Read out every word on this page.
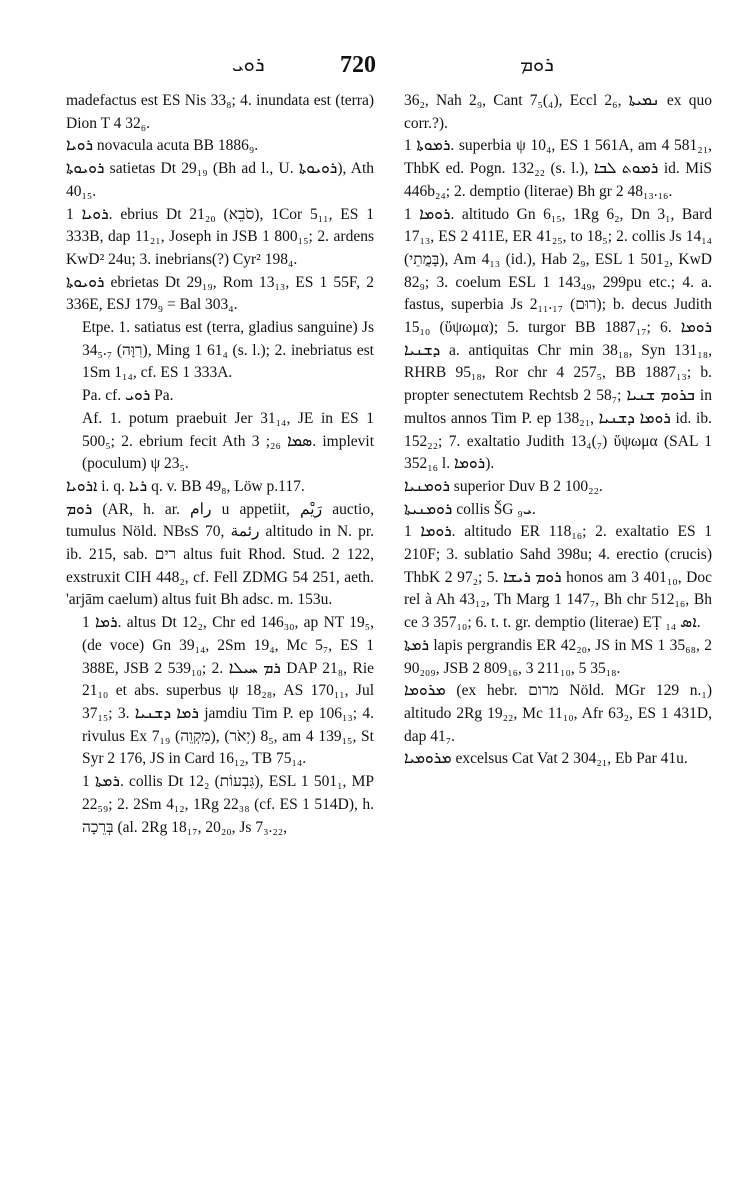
ܪܘܝ	720	ܪܘܡ

madefactus est ES Nis 33₈; 4. inundata est (terra) Dion T 4 32₆.

ܪܘܝܐ novacula acuta BB 1886₉.

ܪܘܝܘܬܐ satietas Dt 29₁₉ (Bh ad l., U. ܪܘܝܘܬܐ), Ath 40₁₅.

ܪܘܝܐ 1. ebrius Dt 21₂₀ (סֹבֵא), 1Cor 5₁₁, ES 1 333B, dap 11₂₁, Joseph in JSB 1 800₁₅; 2. ardens KwD² 24u; 3. inebrians(?) Cyr² 198₄.

ܪܘܝܘܬܐ ebrietas Dt 29₁₉, Rom 13₁₃, ES 1 55F, 2 336E, ESJ 179₉ = Bal 303₄.

Etpe. 1. satiatus est (terra, gladius sanguine) Js 34₅.₇ (רִוָּה), Ming 1 61₄ (s. l.); 2. inebriatus est 1Sm 1₁₄, cf. ES 1 333A.

Pa. cf. ܪܘܝ Pa.

Af. 1. potum praebuit Jer 31₁₄, JE in ES 1 500₅; 2. ebrium fecit Ath ܣܡܐ ₂₆; 3. implevit (poculum) ψ 23₅.

ܐܪܘܝܐ i. q. ܪܝܐ q. v. BB 49₈, Löw p.117.

ܪܘܡ (AR, h. ar. رام u appetiit, رَيْم auctio, tumulus Nöld. NBsS 70, رئمة altitudo in N. pr. ib. 215, sab. רים altus fuit Rhod. Stud. 2 122, exstruxit CIH 448₂, cf. Fell ZDMG 54 251, aeth. 'arjām caelum) altus fuit Bh adsc. m. 153u.

ܪܡܐ 1. altus Dt 12₂, Chr ed 146₃₀, ap NT 19₅, (de voce) Gn 39₁₄, 2Sm 19₄, Mc 5₇, ES 1 388E, JSB 2 539₁₀; 2. ܪܡ ܚܝܠܐ DAP 21₈, Rie 21₁₀ et abs. superbus ψ 18₂₈, AS 170₁₁, Jul 37₁₅; 3. ܪܡܐ ܕܫܢܝܐ jamdiu Tim P. ep 106₁₃; 4. rivulus Ex 7₁₉ (מִקְוֵה), 8₅ (יְאֹר), am 4 139₁₅, St Syr 2 176, JS in Card 16₁₂, TB 75₁₄.

ܪܡܬܐ 1. collis Dt 12₂ (גִּבְעוֹת), ESL 1 501₁, MP 22₅₉; 2. 2Sm 4₁₂, 1Rg 22₃₈ (cf. ES 1 514D), h. בְּרֵכָה (al. 2Rg 18₁₇, 20₂₀, Js 7₃.₂₂,

36₂, Nah 2₉, Cant 7₅(₄), Eccl 2₆, ܢܡܝܬܐ ex quo corr.?).

ܪܡܘܬܐ 1. superbia ψ 10₄, ES 1 561A, am 4 581₂₁, ThbK ed. Pogn. 132₂₂ (s. l.), ܪܡܘܬ ܠܒܐ id. MiS 446b₂₄; 2. demptio (literae) Bh gr 2 48₁₃.₁₆.

ܪܘܡܐ 1. altitudo Gn 6₁₅, 1Rg 6₂, Dn 3₁, Bard 17₁₃, ES 2 411E, ER 41₂₅, to 18₅; 2. collis Js 14₁₄ (בָּמֳתֵי), Am 4₁₃ (id.), Hab 2₉, ESL 1 501₂, KwD 82₉; 3. coelum ESL 1 143₄₉, 299pu etc.; 4. a. fastus, superbia Js 2₁₁.₁₇ (רוּם); b. decus Judith 15₁₀ (ὕψωμα); 5. turgor BB 1887₁₇; 6. ܪܘܡܐ ܕܫܢܝܐ a. antiquitas Chr min 38₁₈, Syn 131₁₈, RHRB 95₁₈, Ror chr 4 257₅, BB 1887₁₃; b. propter senectutem Rechtsb 2 58₇; ܒܪܘܡ ܫܢܝܐ in multos annos Tim P. ep 138₂₁, ܪܘܡܐ ܕܫܢܝܐ id. ib. 152₂₂; 7. exaltatio Judith 13₄(₇) ὕψωμα (SAL 1 352₁₆ l. ܪܘܡܐ).

ܪܘܡܢܝܐ superior Duv B 2 100₂₂.

ܪܘܡܢܝܬܐ collis ŠG ܝ₉.

ܪܘܡܐ 1. altitudo ER 118₁₆; 2. exaltatio ES 1 210F; 3. sublatio Sahd 398u; 4. erectio (crucis) ThbK 2 97₂; 5. ܪܘܡ ܪܝܫܐ honos am 3 401₁₀, Doc rel à Ah 43₁₂, Th Marg 1 147₇, Bh chr 512₁₆, Bh ce 3 357₁₀; 6. t. t. gr. demptio (literae) EṬ ܐܣ ₁₄.

ܪܡܬܐ lapis pergrandis ER 42₂₀, JS in MS 1 35₆₈, 2 90₂₀₉, JSB 2 809₁₆, 3 211₁₀, 5 35₁₈.

ܡܪܘܡܐ (ex hebr. מרום Nöld. MGr 129 n.₁) altitudo 2Rg 19₂₂, Mc 11₁₀, Afr 63₂, ES 1 431D, dap 41₇.

ܡܪܘܡܝܐ excelsus Cat Vat 2 304₂₁, Eb Par 41u.
